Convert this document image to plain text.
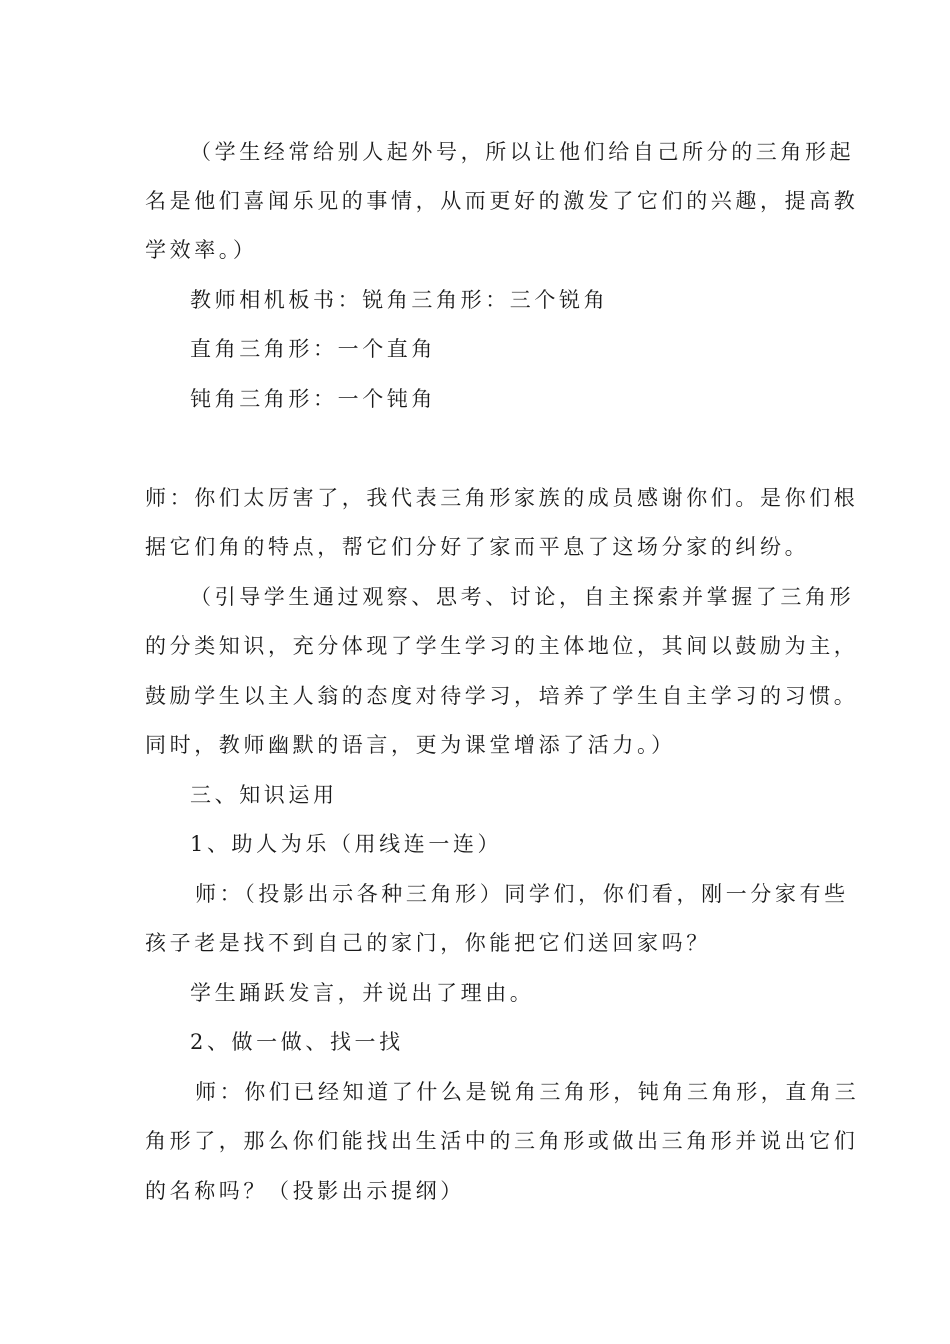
（学生经常给别人起外号，所以让他们给自己所分的三角形起

名是他们喜闻乐见的事情，从而更好的激发了它们的兴趣，提高教

学效率。）

教师相机板书：锐角三角形：三个锐角

直角三角形：一个直角

钝角三角形：一个钝角

师：你们太厉害了，我代表三角形家族的成员感谢你们。是你们根

据它们角的特点，帮它们分好了家而平息了这场分家的纠纷。

（引导学生通过观察、思考、讨论，自主探索并掌握了三角形

的分类知识，充分体现了学生学习的主体地位，其间以鼓励为主，

鼓励学生以主人翁的态度对待学习，培养了学生自主学习的习惯。

同时，教师幽默的语言，更为课堂增添了活力。）

三、知识运用

1、助人为乐（用线连一连）

师：（投影出示各种三角形）同学们，你们看，刚一分家有些

孩子老是找不到自己的家门，你能把它们送回家吗？

学生踊跃发言，并说出了理由。

2、做一做、找一找

师：你们已经知道了什么是锐角三角形，钝角三角形，直角三

角形了，那么你们能找出生活中的三角形或做出三角形并说出它们

的名称吗？（投影出示提纲）
